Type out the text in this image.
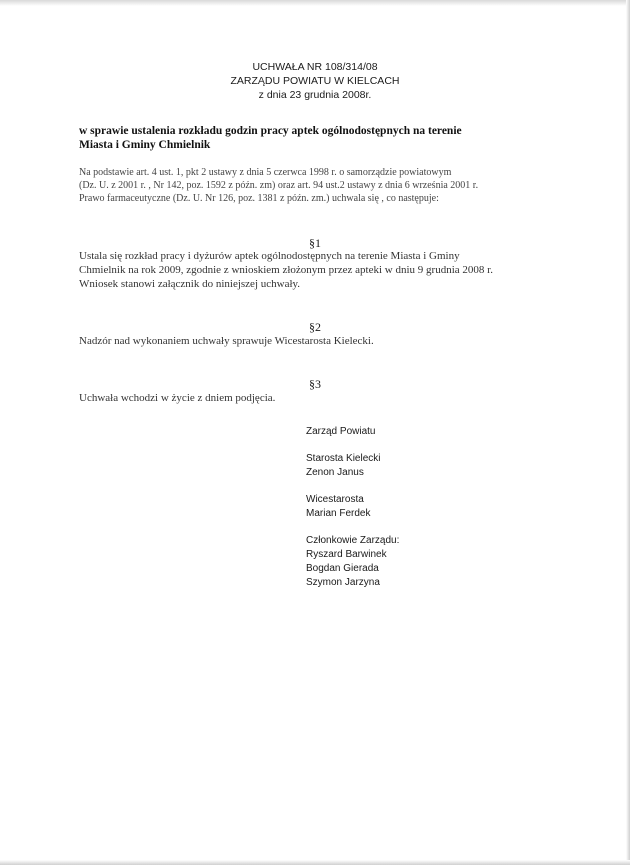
UCHWAŁA NR 108/314/08
ZARZĄDU POWIATU W KIELCACH
z dnia 23 grudnia 2008r.
w sprawie ustalenia rozkładu godzin pracy aptek ogólnodostępnych na terenie
Miasta i Gminy Chmielnik
Na podstawie art. 4 ust. 1, pkt 2 ustawy z dnia 5 czerwca 1998 r. o samorządzie powiatowym
(Dz. U. z 2001 r. , Nr 142, poz. 1592 z późn. zm) oraz art. 94 ust.2 ustawy z dnia 6 września 2001 r.
Prawo farmaceutyczne (Dz. U. Nr 126, poz. 1381 z późn. zm.) uchwala się , co następuje:
§1
Ustala się rozkład pracy i dyżurów aptek ogólnodostępnych na terenie Miasta i Gminy
Chmielnik na rok 2009, zgodnie z wnioskiem złożonym przez apteki w dniu 9 grudnia 2008 r.
Wniosek stanowi załącznik do niniejszej uchwały.
§2
Nadzór nad wykonaniem uchwały sprawuje Wicestarosta Kielecki.
§3
Uchwała wchodzi w życie z dniem podjęcia.
Zarząd Powiatu
Starosta Kielecki
Zenon Janus
Wicestarosta
Marian Ferdek
Członkowie Zarządu:
Ryszard Barwinek
Bogdan Gierada
Szymon Jarzyna
